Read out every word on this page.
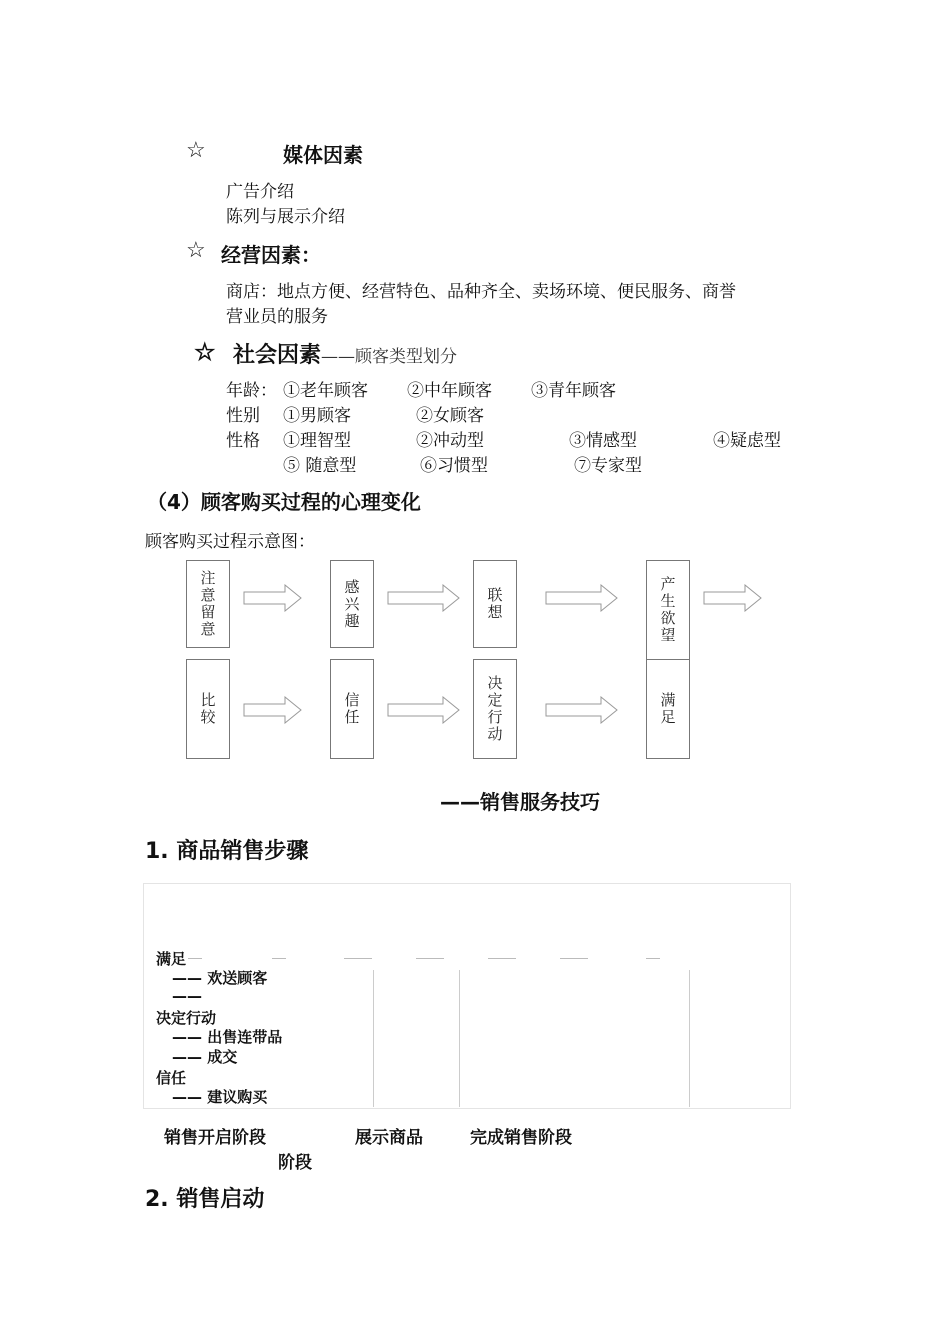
☆	媒体因素
广告介绍
陈列与展示介绍
☆ 经营因素：
商店：地点方便、经营特色、品种齐全、卖场环境、便民服务、商誉
营业员的服务
☆ 社会因素——顾客类型划分
年龄： ①老年顾客 ②中年顾客 ③青年顾客
性别 ①男顾客	②女顾客
性格 ①理智型	②冲动型	③情感型	④疑虑型
⑤ 随意型	⑥习惯型	⑦专家型
（4）顾客购买过程的心理变化
顾客购买过程示意图：
注意留意	感兴趣	联想	产生欲望
比较	信任	决定行动	满足
——销售服务技巧
1. 商品销售步骤
满足
—— 欢送顾客
——
决定行动
—— 出售连带品
—— 成交
信任
—— 建议购买
销售开启阶段	展示商品	完成销售阶段
阶段
2. 销售启动
